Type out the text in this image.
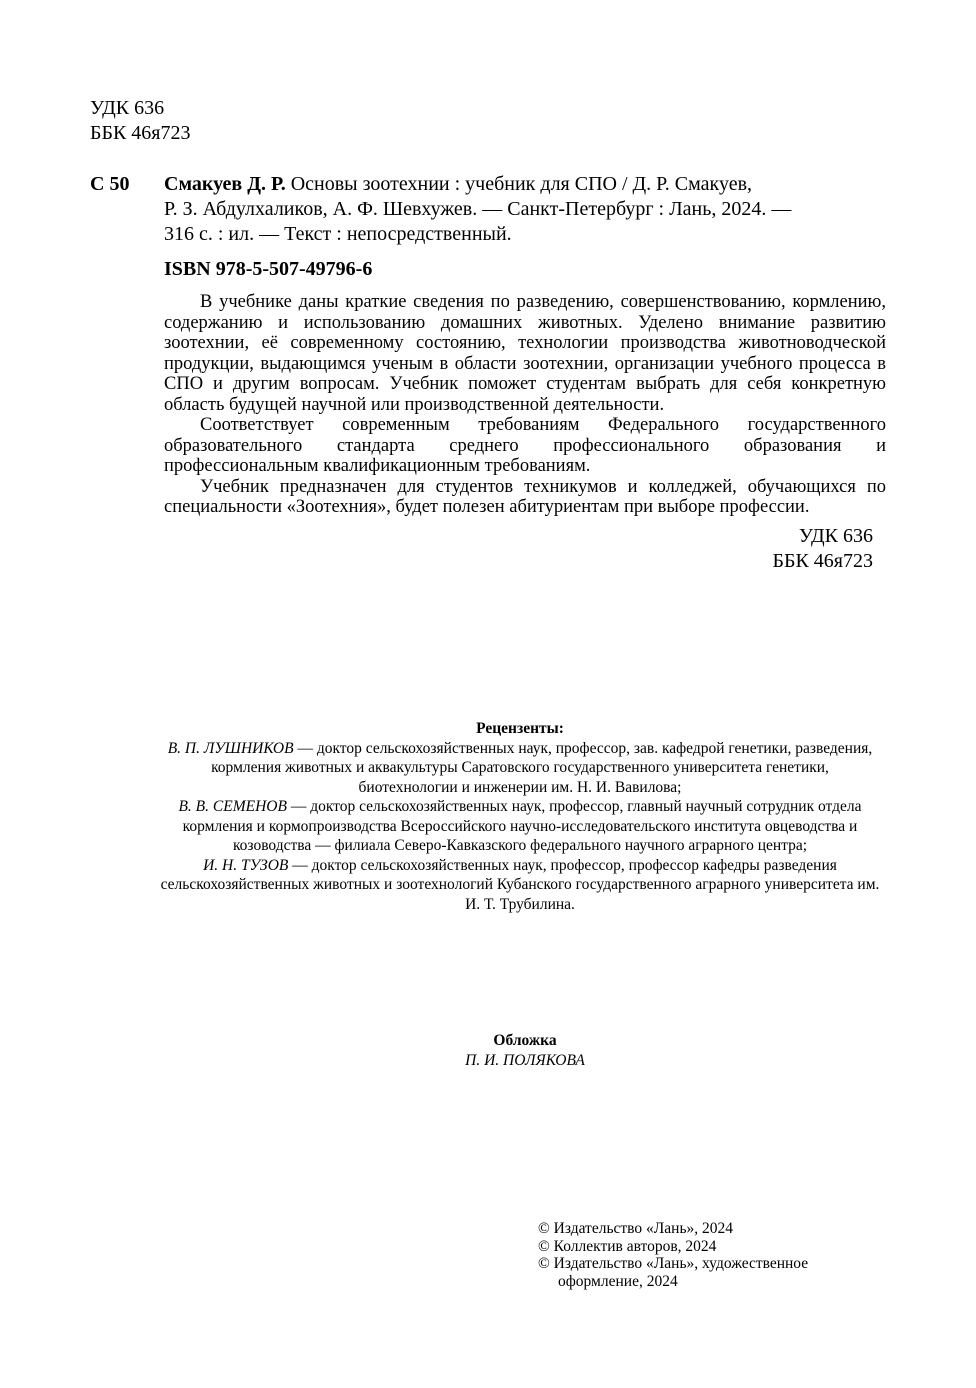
УДК 636
ББК 46я723
С 50 Смакуев Д. Р. Основы зоотехнии : учебник для СПО / Д. Р. Смакуев,
Р. З. Абдулхаликов, А. Ф. Шевхужев. — Санкт-Петербург : Лань, 2024. —
316 с. : ил. — Текст : непосредственный.
ISBN 978-5-507-49796-6

В учебнике даны краткие сведения по разведению, совершенствованию, кормлению, содержанию и использованию домашних животных. Уделено внимание развитию зоотехнии, её современному состоянию, технологии производства животноводческой продукции, выдающимся ученым в области зоотехнии, организации учебного процесса в СПО и другим вопросам. Учебник поможет студентам выбрать для себя конкретную область будущей научной или производственной деятельности.

Соответствует современным требованиям Федерального государственного образовательного стандарта среднего профессионального образования и профессиональным квалификационным требованиям.

Учебник предназначен для студентов техникумов и колледжей, обучающихся по специальности «Зоотехния», будет полезен абитуриентам при выборе профессии.

УДК 636
ББК 46я723

Рецензенты:

В. П. ЛУШНИКОВ — доктор сельскохозяйственных наук, профессор, зав. кафедрой генетики, разведения, кормления животных и аквакультуры Саратовского государственного университета генетики, биотехнологии и инженерии им. Н. И. Вавилова;

В. В. СЕМЕНОВ — доктор сельскохозяйственных наук, профессор, главный научный сотрудник отдела кормления и кормопроизводства Всероссийского научно-исследовательского института овцеводства и козоводства — филиала Северо-Кавказского федерального научного аграрного центра;

И. Н. ТУЗОВ — доктор сельскохозяйственных наук, профессор, профессор кафедры разведения сельскохозяйственных животных и зоотехнологий Кубанского государственного аграрного университета им. И. Т. Трубилина.

Обложка
П. И. ПОЛЯКОВА
© Издательство «Лань», 2024
© Коллектив авторов, 2024
© Издательство «Лань», художественное
оформление, 2024
